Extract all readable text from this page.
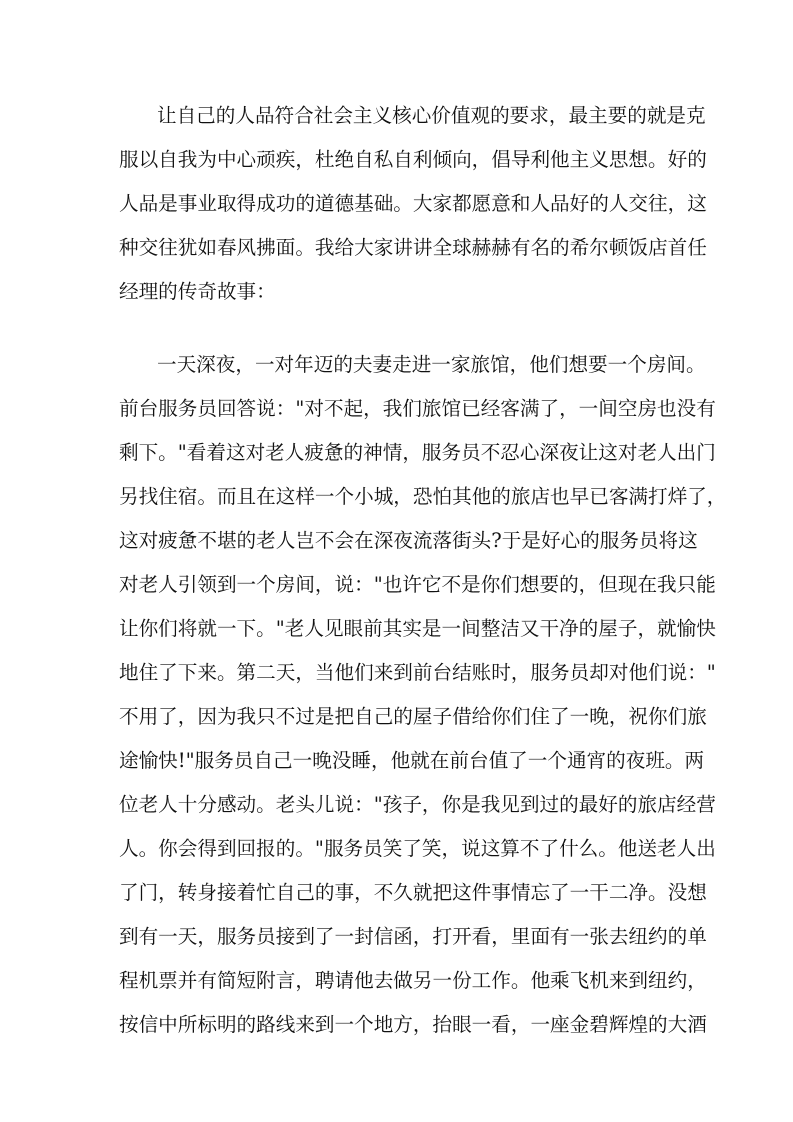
让自己的人品符合社会主义核心价值观的要求，最主要的就是克
服以自我为中心顽疾，杜绝自私自利倾向，倡导利他主义思想。好的
人品是事业取得成功的道德基础。大家都愿意和人品好的人交往，这
种交往犹如春风拂面。我给大家讲讲全球赫赫有名的希尔顿饭店首任
经理的传奇故事：
一天深夜，一对年迈的夫妻走进一家旅馆，他们想要一个房间。
前台服务员回答说："对不起，我们旅馆已经客满了，一间空房也没有
剩下。"看着这对老人疲惫的神情，服务员不忍心深夜让这对老人出门
另找住宿。而且在这样一个小城，恐怕其他的旅店也早已客满打烊了，
这对疲惫不堪的老人岂不会在深夜流落街头?于是好心的服务员将这
对老人引领到一个房间，说："也许它不是你们想要的，但现在我只能
让你们将就一下。"老人见眼前其实是一间整洁又干净的屋子，就愉快
地住了下来。第二天，当他们来到前台结账时，服务员却对他们说："
不用了，因为我只不过是把自己的屋子借给你们住了一晚，祝你们旅
途愉快!"服务员自己一晚没睡，他就在前台值了一个通宵的夜班。两
位老人十分感动。老头儿说："孩子，你是我见到过的最好的旅店经营
人。你会得到回报的。"服务员笑了笑，说这算不了什么。他送老人出
了门，转身接着忙自己的事，不久就把这件事情忘了一干二净。没想
到有一天，服务员接到了一封信函，打开看，里面有一张去纽约的单
程机票并有简短附言，聘请他去做另一份工作。他乘飞机来到纽约，
按信中所标明的路线来到一个地方，抬眼一看，一座金碧辉煌的大酒
